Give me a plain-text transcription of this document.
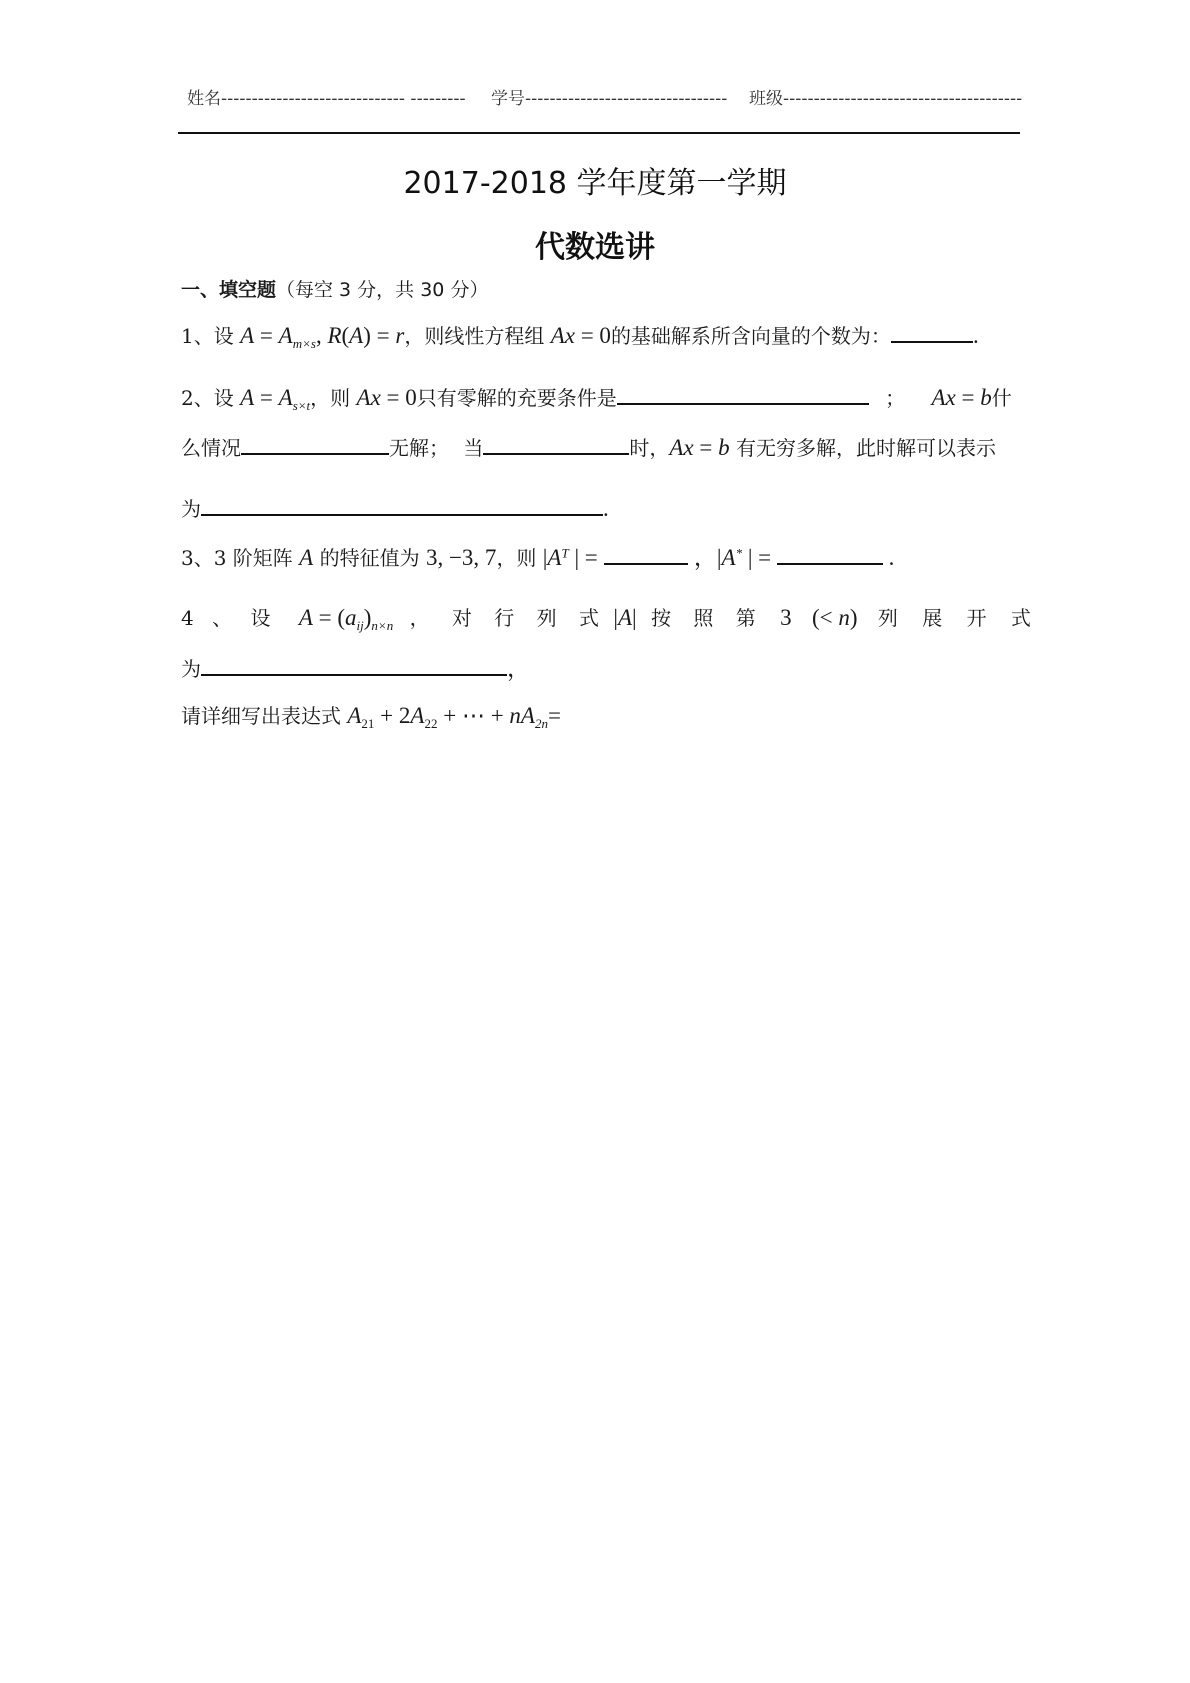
姓名------------------------------ --------- 学号--------------------------------- 班级---------------------------------------
2017-2018 学年度第一学期
代数选讲
一、填空题（每空 3 分，共 30 分）
1、设 $A = A_{m\times s}$, R(A) = r，则线性方程组 Ax = 0的基础解系所含向量的个数为：	.
2、设 $A = A_{s\times t}$，则 Ax = 0只有零解的充要条件是	； Ax = b什
么情况	无解； 当	时，Ax = b 有无穷多解，此时解可以表示
为	.
3、3 阶矩阵 A 的特征值为 3, −3, 7，则 $|A^T$ | =	，|A* | =	.
4 、 设 $A = (a_{ij})_{n\times n}$ ， 对 行 列 式 |A| 按 照 第 3 (< n) 列 展 开 式
为	，
请详细写出表达式 $A_{21} + 2A_{22}$ + ⋯ + $nA_{2n}=$
